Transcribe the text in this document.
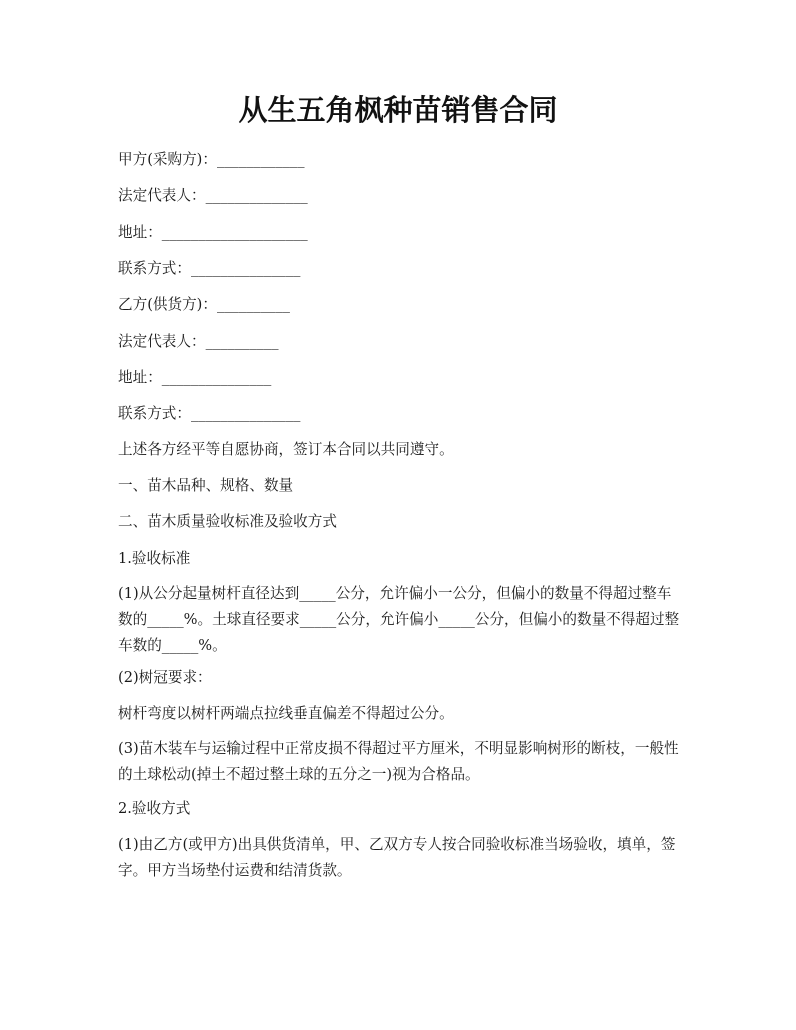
从生五角枫种苗销售合同

甲方(采购方)：____________

法定代表人：______________

地址：____________________

联系方式：_______________

乙方(供货方)：__________

法定代表人：__________

地址：_______________

联系方式：_______________

上述各方经平等自愿协商，签订本合同以共同遵守。

一、苗木品种、规格、数量

二、苗木质量验收标准及验收方式

1.验收标准

(1)从公分起量树杆直径达到_____公分，允许偏小一公分，但偏小的数量不得超过整车数的_____%。土球直径要求_____公分，允许偏小_____公分，但偏小的数量不得超过整车数的_____%。

(2)树冠要求：

树杆弯度以树杆两端点拉线垂直偏差不得超过公分。

(3)苗木装车与运输过程中正常皮损不得超过平方厘米，不明显影响树形的断枝，一般性的土球松动(掉土不超过整土球的五分之一)视为合格品。

2.验收方式

(1)由乙方(或甲方)出具供货清单，甲、乙双方专人按合同验收标准当场验收，填单，签字。甲方当场垫付运费和结清货款。
